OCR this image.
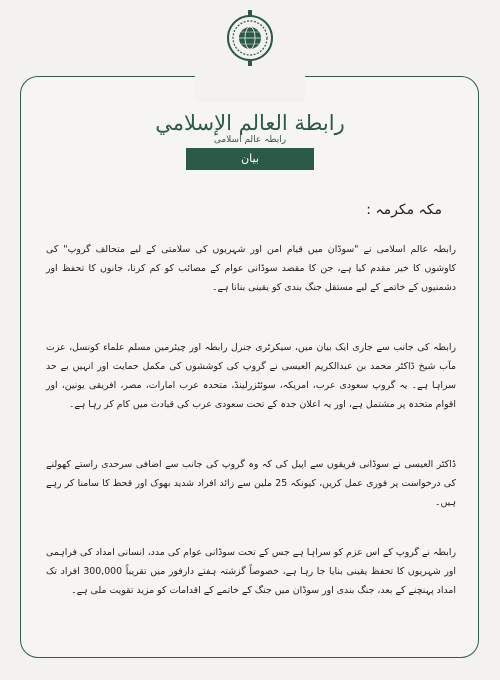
رابطة العالم الإسلامي
رابطہ عالم اسلامی
بیان
مکہ مکرمہ :
رابطہ عالم اسلامی نے "سوڈان میں قیام امن اور شہریوں کی سلامتی کے لیے متحالف گروپ" کی کاوشوں کا خیر مقدم کیا ہے، جن کا مقصد سوڈانی عوام کے مصائب کو کم کرنا، جانوں کا تحفظ اور دشمنیوں کے خاتمے کے لیے مستقل جنگ بندی کو یقینی بنانا ہے۔
رابطہ کی جانب سے جاری ایک بیان میں، سیکرٹری جنرل رابطہ اور چیئرمین مسلم علماء کونسل، عزت مآب شیخ ڈاکٹر محمد بن عبدالکریم العیسی نے گروپ کی کوششوں کی مکمل حمایت اور انہیں بے حد سراہا ہے۔ یہ گروپ سعودی عرب، امریکہ، سوئٹزرلینڈ، متحدہ عرب امارات، مصر، افریقی یونین، اور اقوام متحدہ پر مشتمل ہے، اور یہ اعلان جدہ کے تحت سعودی عرب کی قیادت میں کام کر رہا ہے۔
ڈاکٹر العیسی نے سوڈانی فریقوں سے اپیل کی کہ وہ گروپ کی جانب سے اضافی سرحدی راستے کھولنے کی درخواست پر فوری عمل کریں، کیونکہ 25 ملین سے زائد افراد شدید بھوک اور قحط کا سامنا کر رہے ہیں۔
رابطہ نے گروپ کے اس عزم کو سراہا ہے جس کے تحت سوڈانی عوام کی مدد، انسانی امداد کی فراہمی اور شہریوں کا تحفظ یقینی بنایا جا رہا ہے، خصوصاً گزشتہ ہفتے دارفور میں تقریباً 300,000 افراد تک امداد پہنچنے کے بعد، جنگ بندی اور سوڈان میں جنگ کے خاتمے کے اقدامات کو مزید تقویت ملی ہے۔
